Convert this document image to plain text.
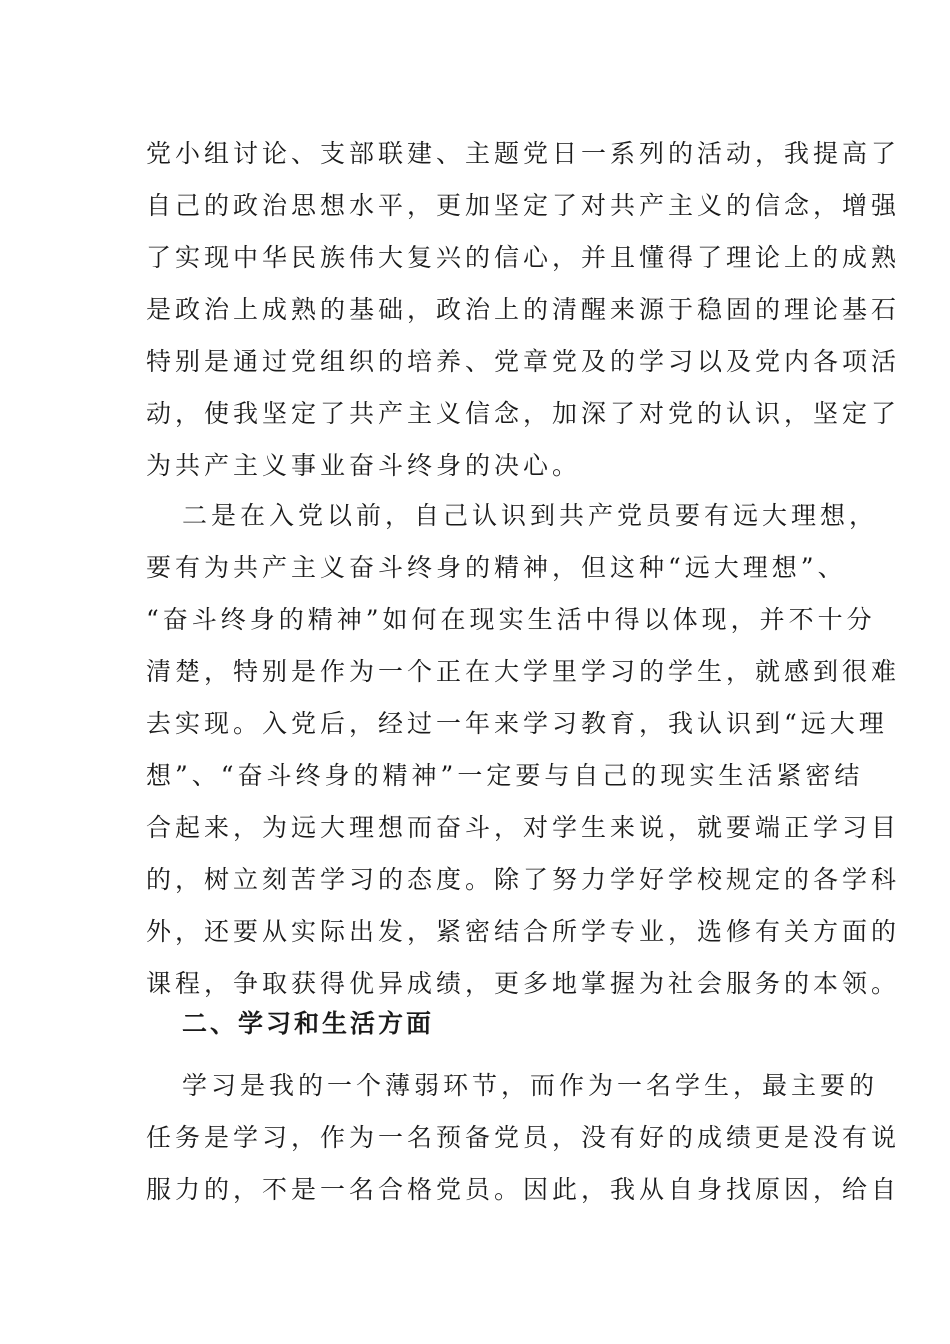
党小组讨论、支部联建、主题党日一系列的活动，我提高了
自己的政治思想水平，更加坚定了对共产主义的信念，增强
了实现中华民族伟大复兴的信心，并且懂得了理论上的成熟
是政治上成熟的基础，政治上的清醒来源于稳固的理论基石
特别是通过党组织的培养、党章党及的学习以及党内各项活
动，使我坚定了共产主义信念，加深了对党的认识，坚定了
为共产主义事业奋斗终身的决心。
二是在入党以前，自己认识到共产党员要有远大理想，
要有为共产主义奋斗终身的精神，但这种“远大理想”、
“奋斗终身的精神”如何在现实生活中得以体现，并不十分
清楚，特别是作为一个正在大学里学习的学生，就感到很难
去实现。入党后，经过一年来学习教育，我认识到“远大理
想”、“奋斗终身的精神”一定要与自己的现实生活紧密结
合起来，为远大理想而奋斗，对学生来说，就要端正学习目
的，树立刻苦学习的态度。除了努力学好学校规定的各学科
外，还要从实际出发，紧密结合所学专业，选修有关方面的
课程，争取获得优异成绩，更多地掌握为社会服务的本领。
二、学习和生活方面
学习是我的一个薄弱环节，而作为一名学生，最主要的
任务是学习，作为一名预备党员，没有好的成绩更是没有说
服力的，不是一名合格党员。因此，我从自身找原因，给自
